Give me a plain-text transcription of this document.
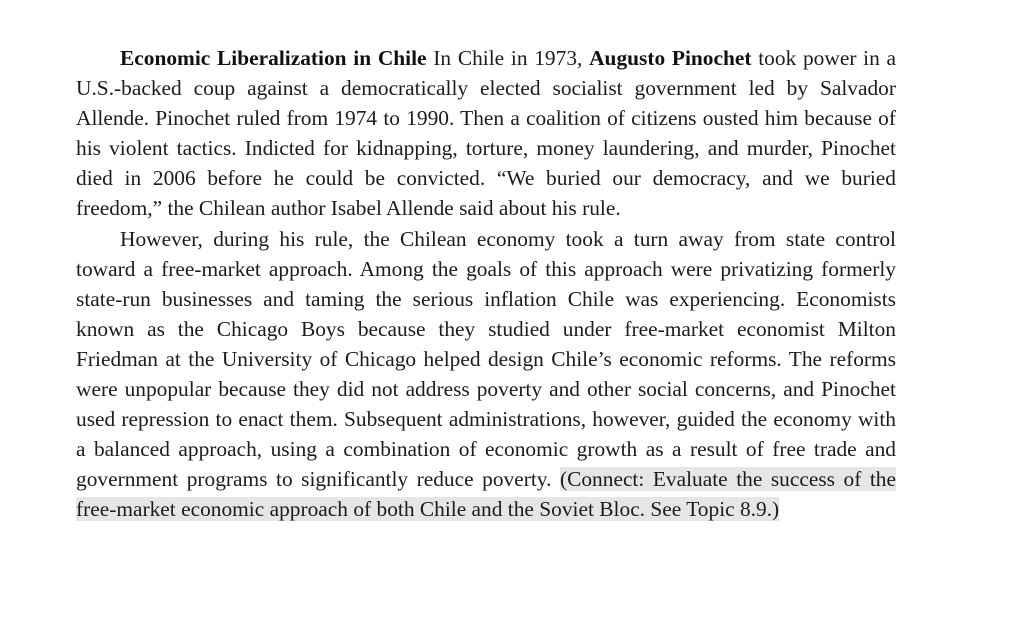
Economic Liberalization in Chile In Chile in 1973, Augusto Pinochet took power in a U.S.-backed coup against a democratically elected socialist government led by Salvador Allende. Pinochet ruled from 1974 to 1990. Then a coalition of citizens ousted him because of his violent tactics. Indicted for kidnapping, torture, money laundering, and murder, Pinochet died in 2006 before he could be convicted. “We buried our democracy, and we buried freedom,” the Chilean author Isabel Allende said about his rule.

However, during his rule, the Chilean economy took a turn away from state control toward a free-market approach. Among the goals of this approach were privatizing formerly state-run businesses and taming the serious inflation Chile was experiencing. Economists known as the Chicago Boys because they studied under free-market economist Milton Friedman at the University of Chicago helped design Chile’s economic reforms. The reforms were unpopular because they did not address poverty and other social concerns, and Pinochet used repression to enact them. Subsequent administrations, however, guided the economy with a balanced approach, using a combination of economic growth as a result of free trade and government programs to significantly reduce poverty. (Connect: Evaluate the success of the free-market economic approach of both Chile and the Soviet Bloc. See Topic 8.9.)
